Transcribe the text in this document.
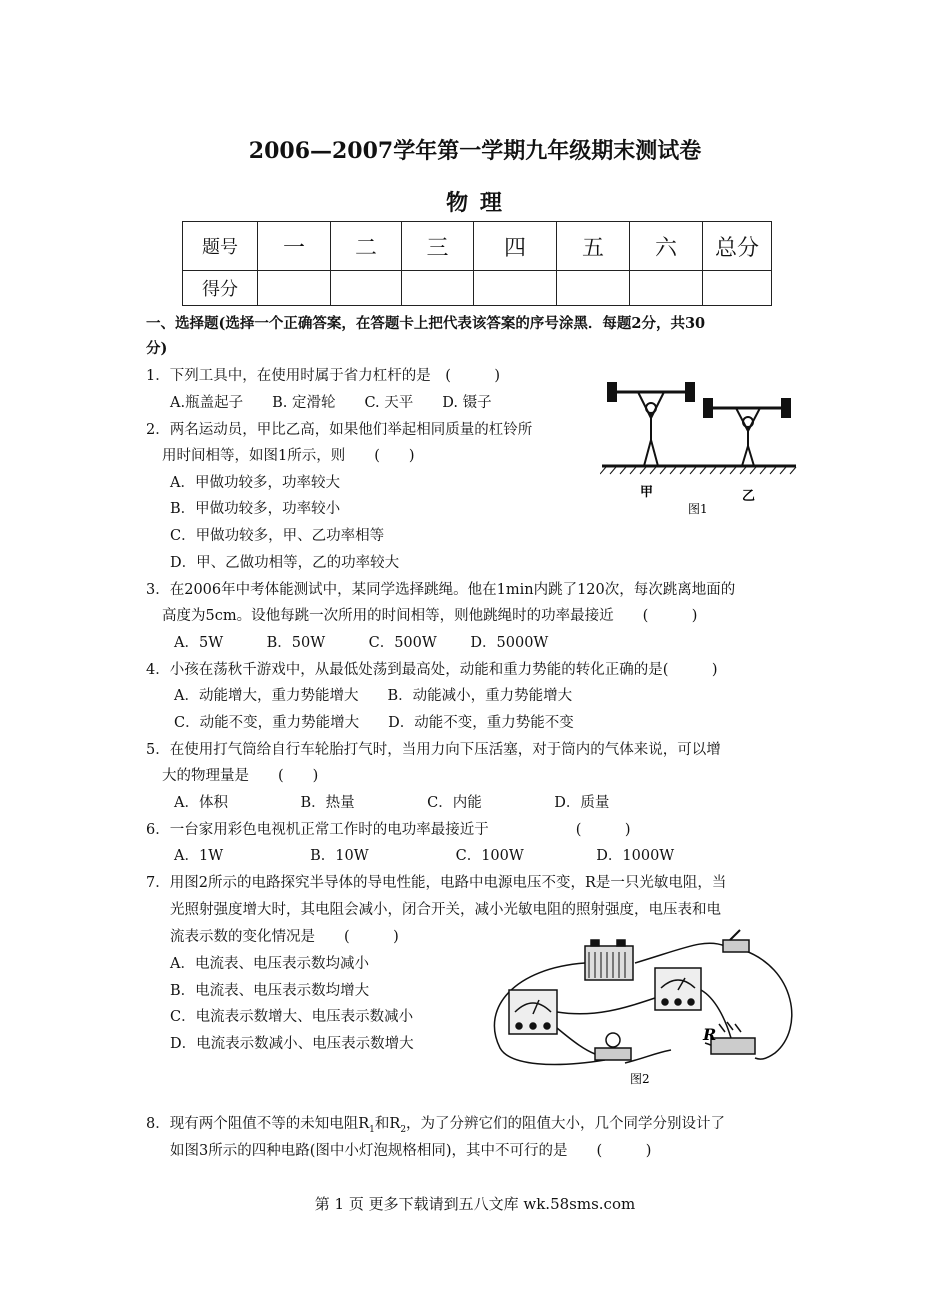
2006—2007学年第一学期九年级期末测试卷
物 理
题号	一	二	三	四	五	六	总分
得分							
一、选择题(选择一个正确答案，在答题卡上把代表该答案的序号涂黑．每题2分，共30
分)
1．下列工具中，在使用时属于省力杠杆的是　(　　　)
A.瓶盖起子　　B. 定滑轮　　C. 天平　　D. 镊子
2．两名运动员，甲比乙高，如果他们举起相同质量的杠铃所
用时间相等，如图1所示，则　　(　　)
A．甲做功较多，功率较大
B．甲做功较多，功率较小
C．甲做功较多，甲、乙功率相等
D．甲、乙做功相等，乙的功率较大
甲	乙
图1
3．在2006年中考体能测试中，某同学选择跳绳。他在1min内跳了120次，每次跳离地面的
高度为5cm。设他每跳一次所用的时间相等，则他跳绳时的功率最接近　　(　　　)
A．5W　　　B．50W　　　C．500W　　 D．5000W
4．小孩在荡秋千游戏中，从最低处荡到最高处，动能和重力势能的转化正确的是(　　　)
A．动能增大，重力势能增大　　B．动能减小，重力势能增大
C．动能不变，重力势能增大　　D．动能不变，重力势能不变
5．在使用打气筒给自行车轮胎打气时，当用力向下压活塞，对于筒内的气体来说，可以增
大的物理量是　　(　　)
A．体积　　　　　B．热量　　　　　C．内能　　　　　D．质量
6．一台家用彩色电视机正常工作时的电功率最接近于　　　　　　(　　　)
A．1W　　　　　　B．10W　　　　　　C．100W　　　　　D．1000W
7．用图2所示的电路探究半导体的导电性能，电路中电源电压不变，R是一只光敏电阻，当
光照射强度增大时，其电阻会减小，闭合开关，减小光敏电阻的照射强度，电压表和电
流表示数的变化情况是　　(　　　)
A．电流表、电压表示数均减小
B．电流表、电压表示数均增大
C．电流表示数增大、电压表示数减小
D．电流表示数减小、电压表示数增大	R
图2
8．现有两个阻值不等的未知电阻$R_1$和$R_2$，为了分辨它们的阻值大小，几个同学分别设计了
如图3所示的四种电路(图中小灯泡规格相同)，其中不可行的是　　(　　　)
第 1 页 更多下载请到五八文库 wk.58sms.com
